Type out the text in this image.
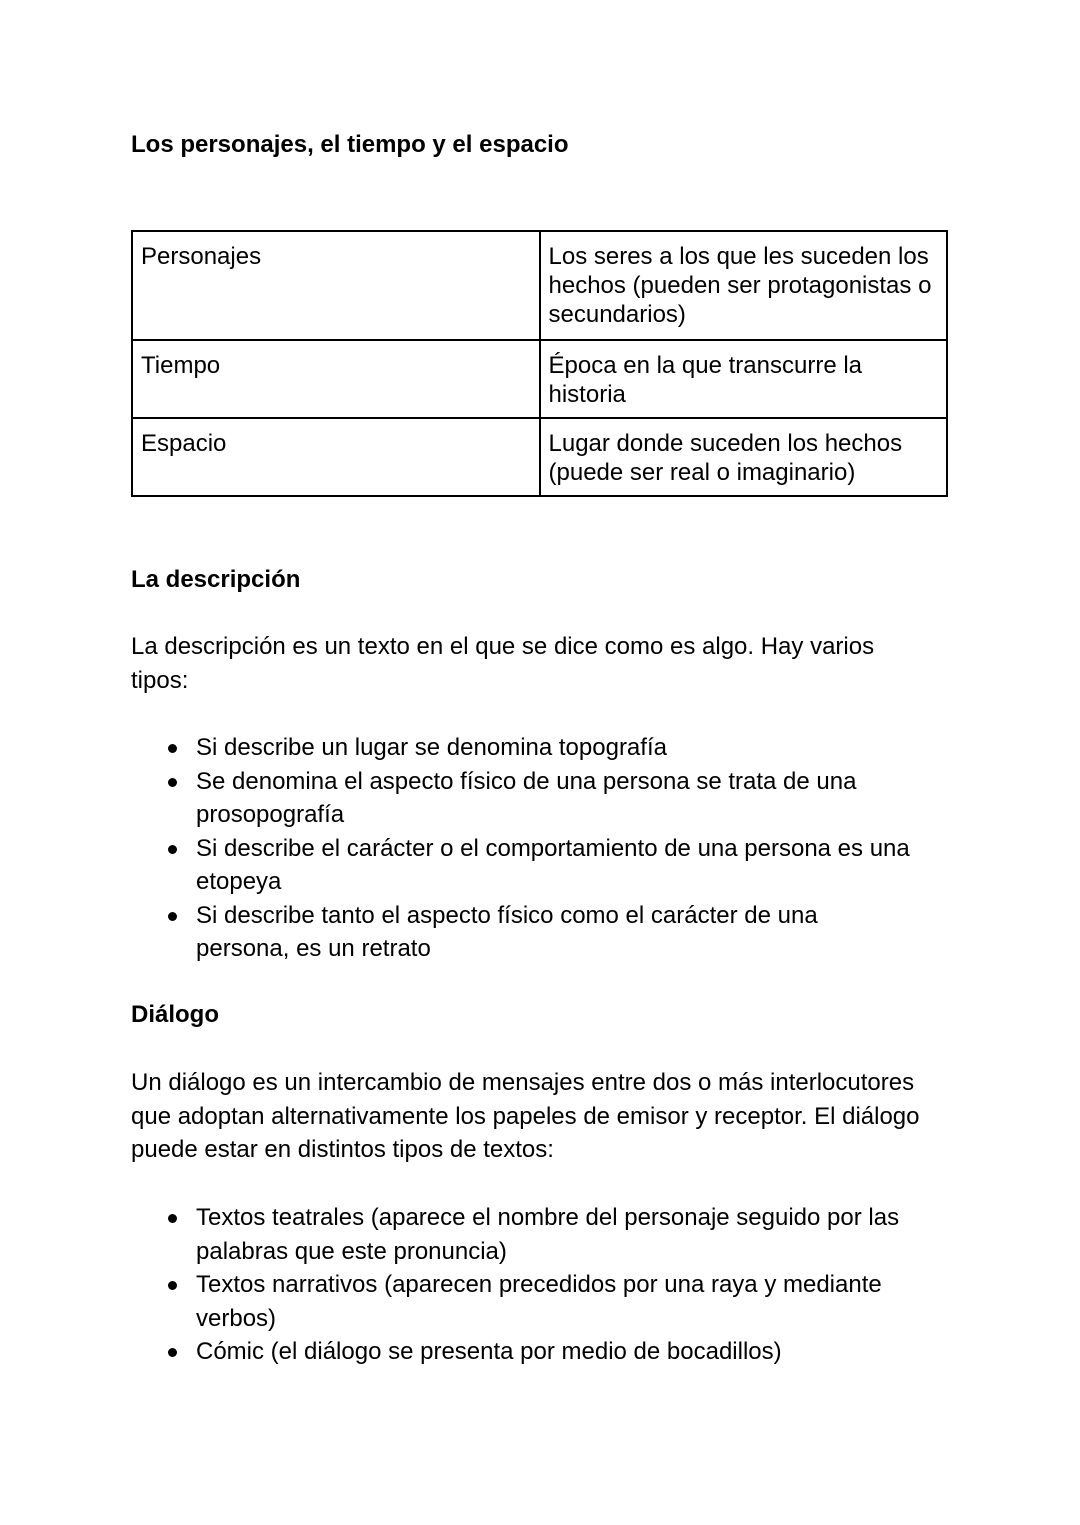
Los personajes, el tiempo y el espacio
Personajes	Los seres a los que les suceden los hechos (pueden ser protagonistas o secundarios)
Tiempo	Época en la que transcurre la historia
Espacio	Lugar donde suceden los hechos (puede ser real o imaginario)
La descripción

La descripción es un texto en el que se dice como es algo. Hay varios tipos:

Si describe un lugar se denomina topografía
Se denomina el aspecto físico de una persona se trata de una prosopografía
Si describe el carácter o el comportamiento de una persona es una etopeya
Si describe tanto el aspecto físico como el carácter de una persona, es un retrato
Diálogo

Un diálogo es un intercambio de mensajes entre dos o más interlocutores que adoptan alternativamente los papeles de emisor y receptor. El diálogo puede estar en distintos tipos de textos:

Textos teatrales (aparece el nombre del personaje seguido por las palabras que este pronuncia)
Textos narrativos (aparecen precedidos por una raya y mediante verbos)
Cómic (el diálogo se presenta por medio de bocadillos)
